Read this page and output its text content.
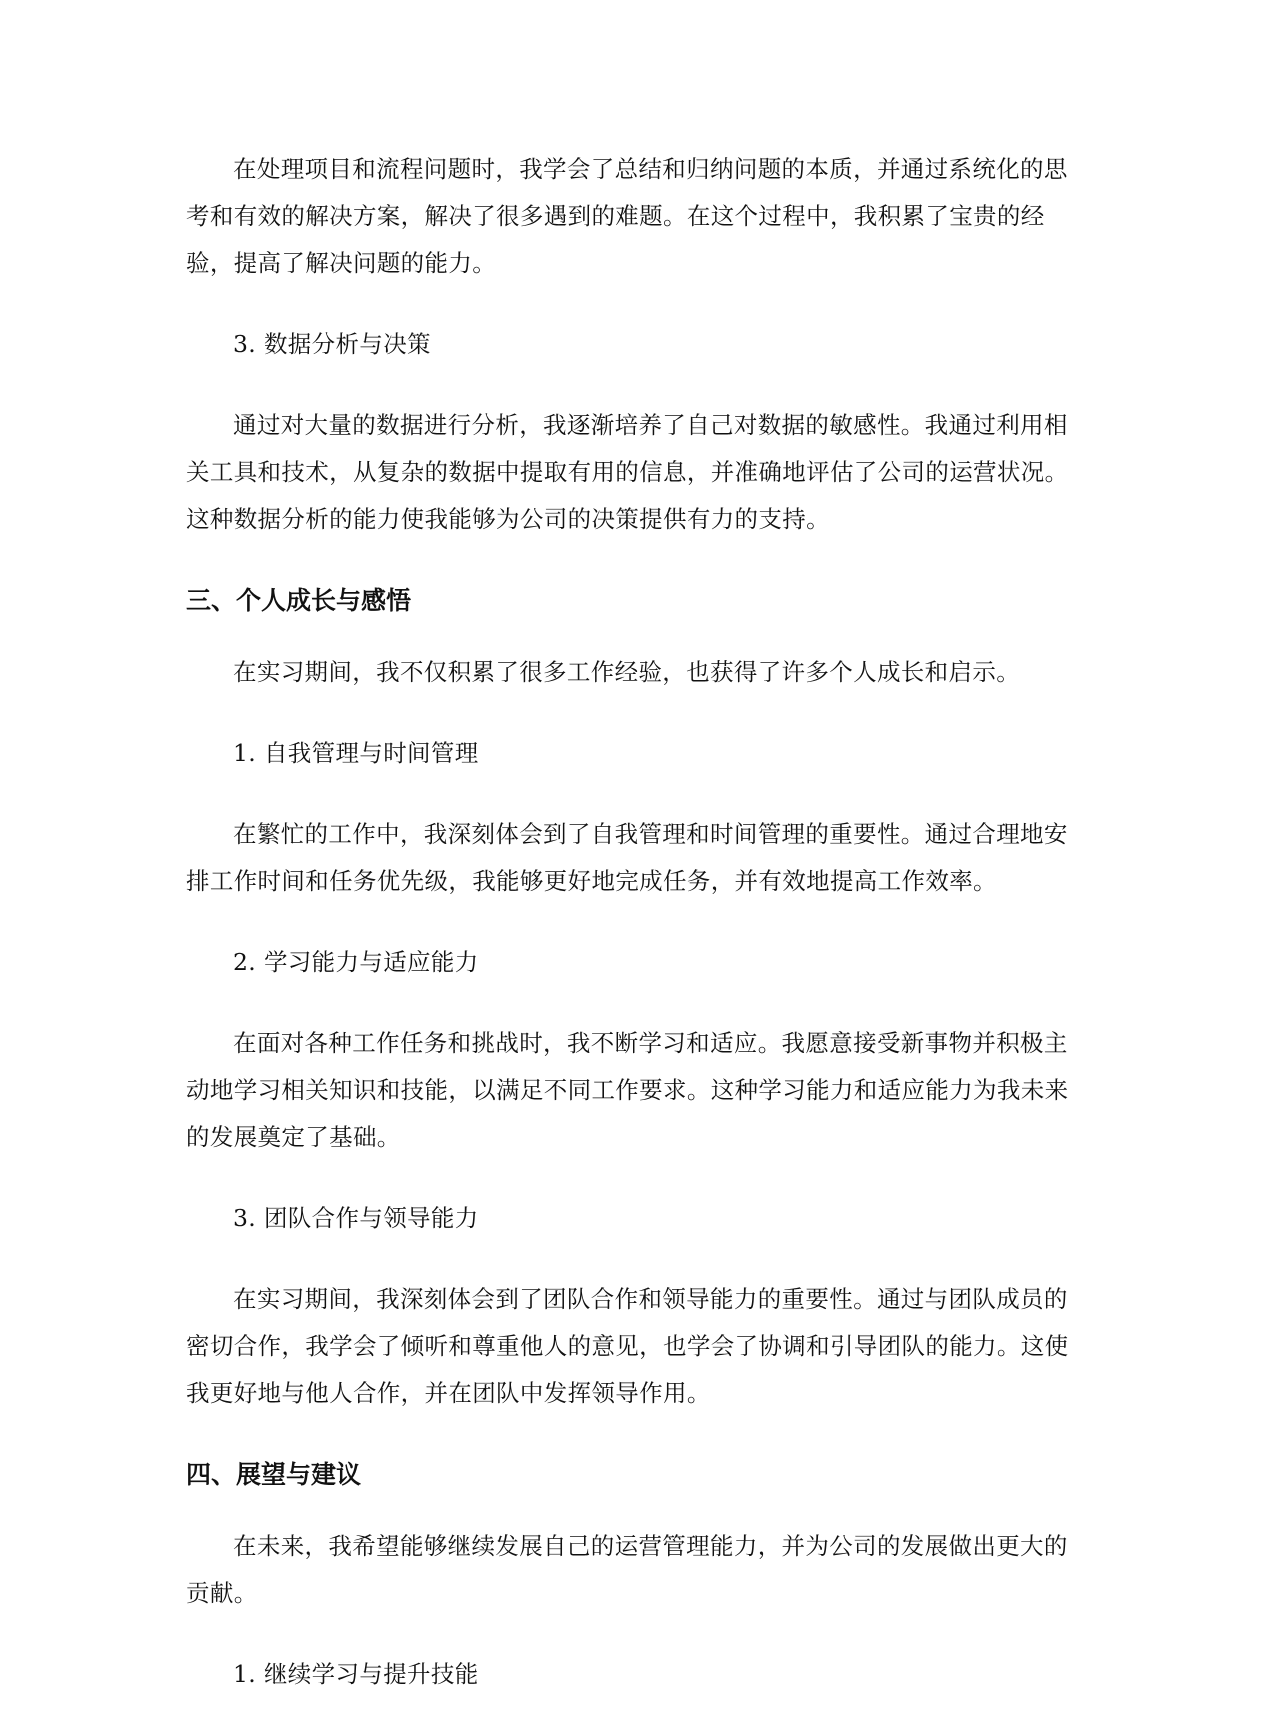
在处理项目和流程问题时，我学会了总结和归纳问题的本质，并通过系统化的思考和有效的解决方案，解决了很多遇到的难题。在这个过程中，我积累了宝贵的经验，提高了解决问题的能力。

3. 数据分析与决策

通过对大量的数据进行分析，我逐渐培养了自己对数据的敏感性。我通过利用相关工具和技术，从复杂的数据中提取有用的信息，并准确地评估了公司的运营状况。这种数据分析的能力使我能够为公司的决策提供有力的支持。

三、个人成长与感悟

在实习期间，我不仅积累了很多工作经验，也获得了许多个人成长和启示。

1. 自我管理与时间管理

在繁忙的工作中，我深刻体会到了自我管理和时间管理的重要性。通过合理地安排工作时间和任务优先级，我能够更好地完成任务，并有效地提高工作效率。

2. 学习能力与适应能力

在面对各种工作任务和挑战时，我不断学习和适应。我愿意接受新事物并积极主动地学习相关知识和技能，以满足不同工作要求。这种学习能力和适应能力为我未来的发展奠定了基础。

3. 团队合作与领导能力

在实习期间，我深刻体会到了团队合作和领导能力的重要性。通过与团队成员的密切合作，我学会了倾听和尊重他人的意见，也学会了协调和引导团队的能力。这使我更好地与他人合作，并在团队中发挥领导作用。

四、展望与建议

在未来，我希望能够继续发展自己的运营管理能力，并为公司的发展做出更大的贡献。

1. 继续学习与提升技能
